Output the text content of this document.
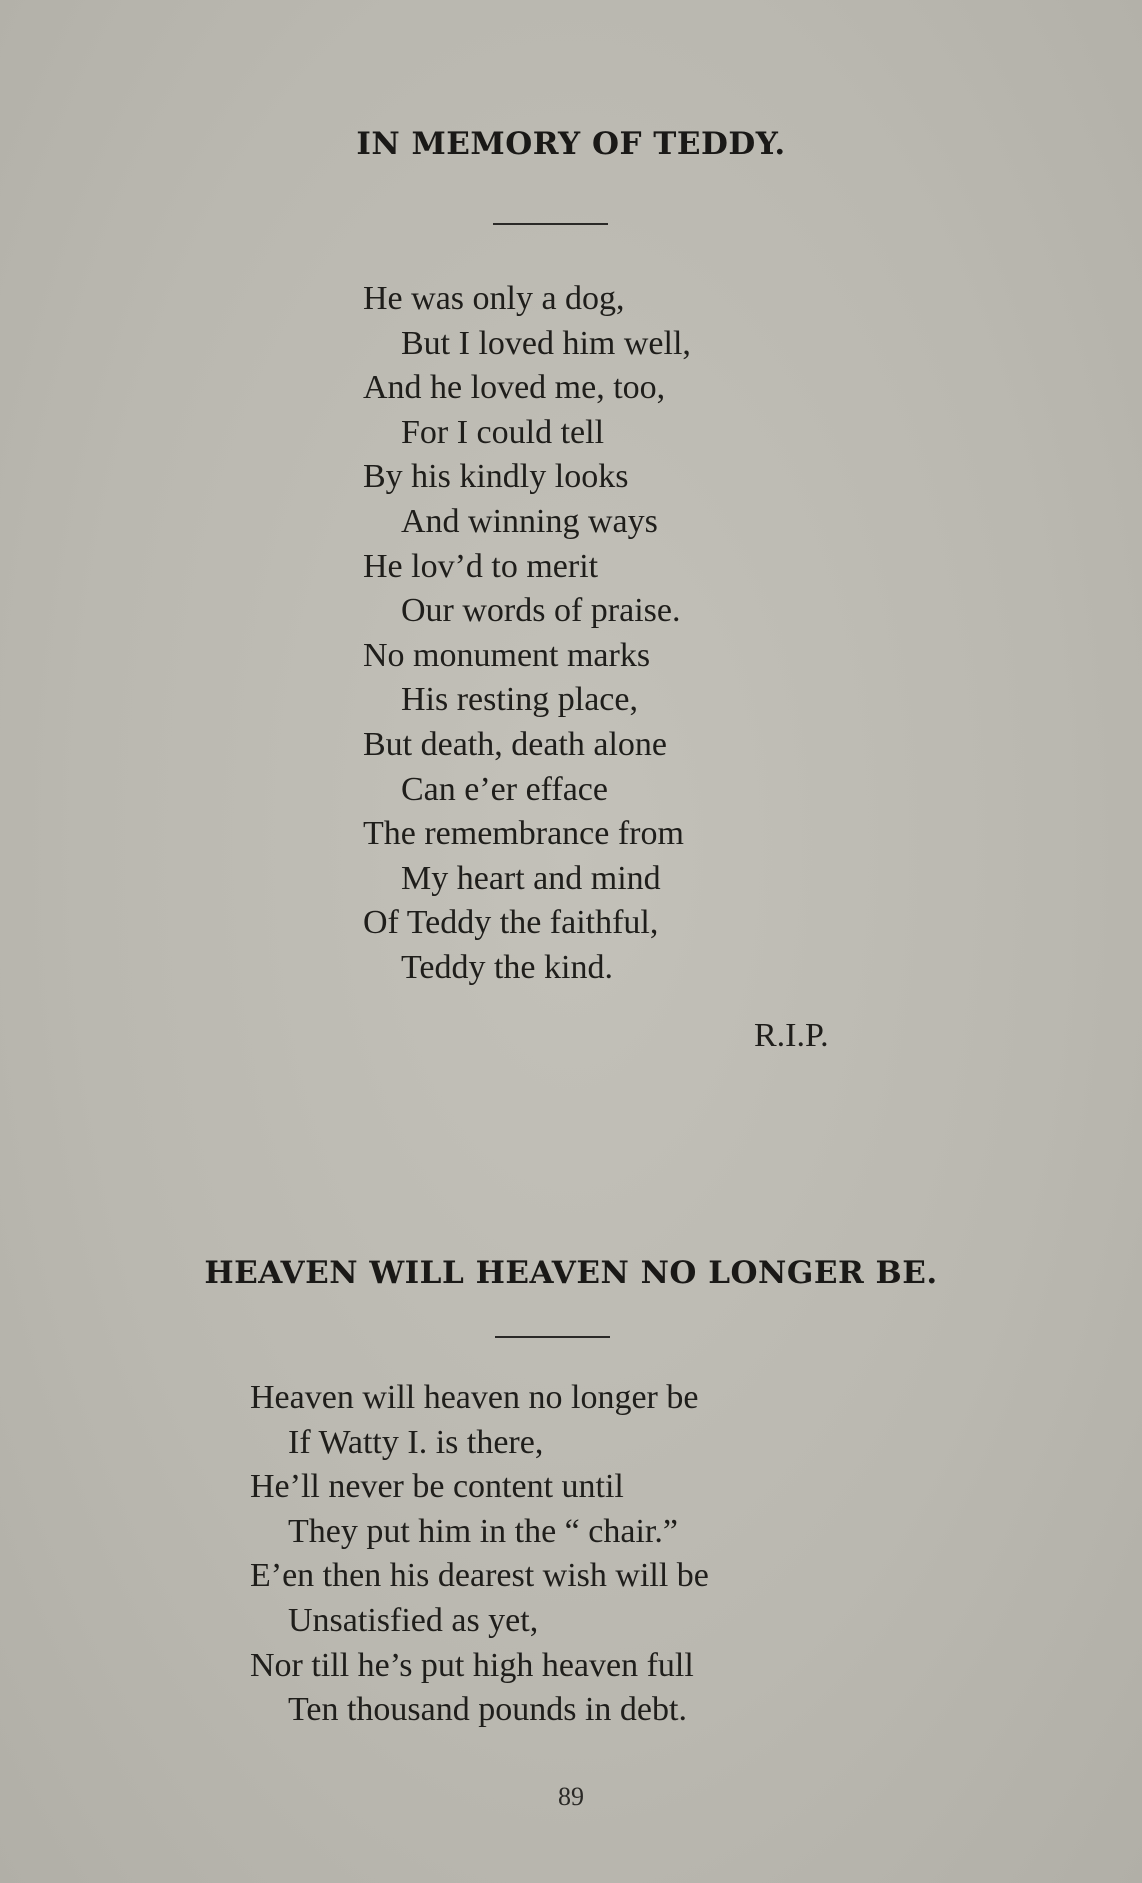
IN MEMORY OF TEDDY.
He was only a dog,
But I loved him well,
And he loved me, too,
For I could tell
By his kindly looks
And winning ways
He lov’d to merit
Our words of praise.
No monument marks
His resting place,
But death, death alone
Can e’er efface
The remembrance from
My heart and mind
Of Teddy the faithful,
Teddy the kind.
R.I.P.
HEAVEN WILL HEAVEN NO LONGER BE.
Heaven will heaven no longer be
If Watty I. is there,
He’ll never be content until
They put him in the “ chair.”
E’en then his dearest wish will be
Unsatisfied as yet,
Nor till he’s put high heaven full
Ten thousand pounds in debt.
89
